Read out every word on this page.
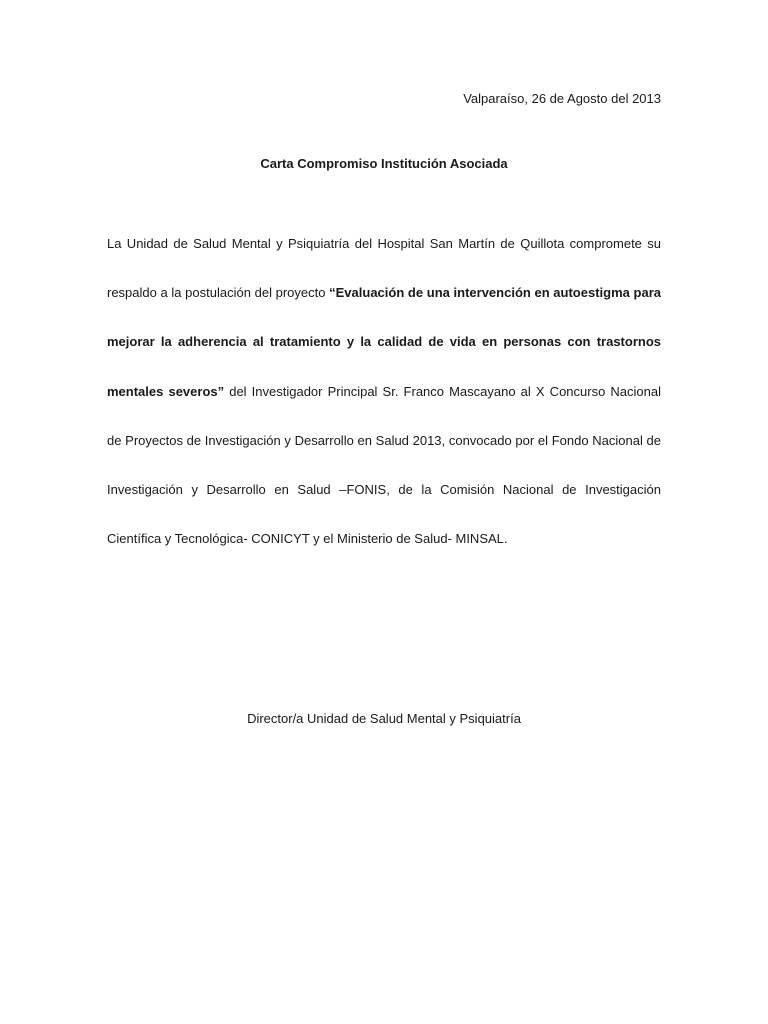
Valparaíso, 26 de Agosto del 2013
Carta Compromiso Institución Asociada

La Unidad de Salud Mental y Psiquiatría del Hospital San Martín de Quillota compromete su respaldo a la postulación del proyecto “Evaluación de una intervención en autoestigma para mejorar la adherencia al tratamiento y la calidad de vida en personas con trastornos mentales severos” del Investigador Principal Sr. Franco Mascayano al X Concurso Nacional de Proyectos de Investigación y Desarrollo en Salud 2013, convocado por el Fondo Nacional de Investigación y Desarrollo en Salud –FONIS, de la Comisión Nacional de Investigación Científica y Tecnológica- CONICYT y el Ministerio de Salud- MINSAL.

Director/a Unidad de Salud Mental y Psiquiatría
